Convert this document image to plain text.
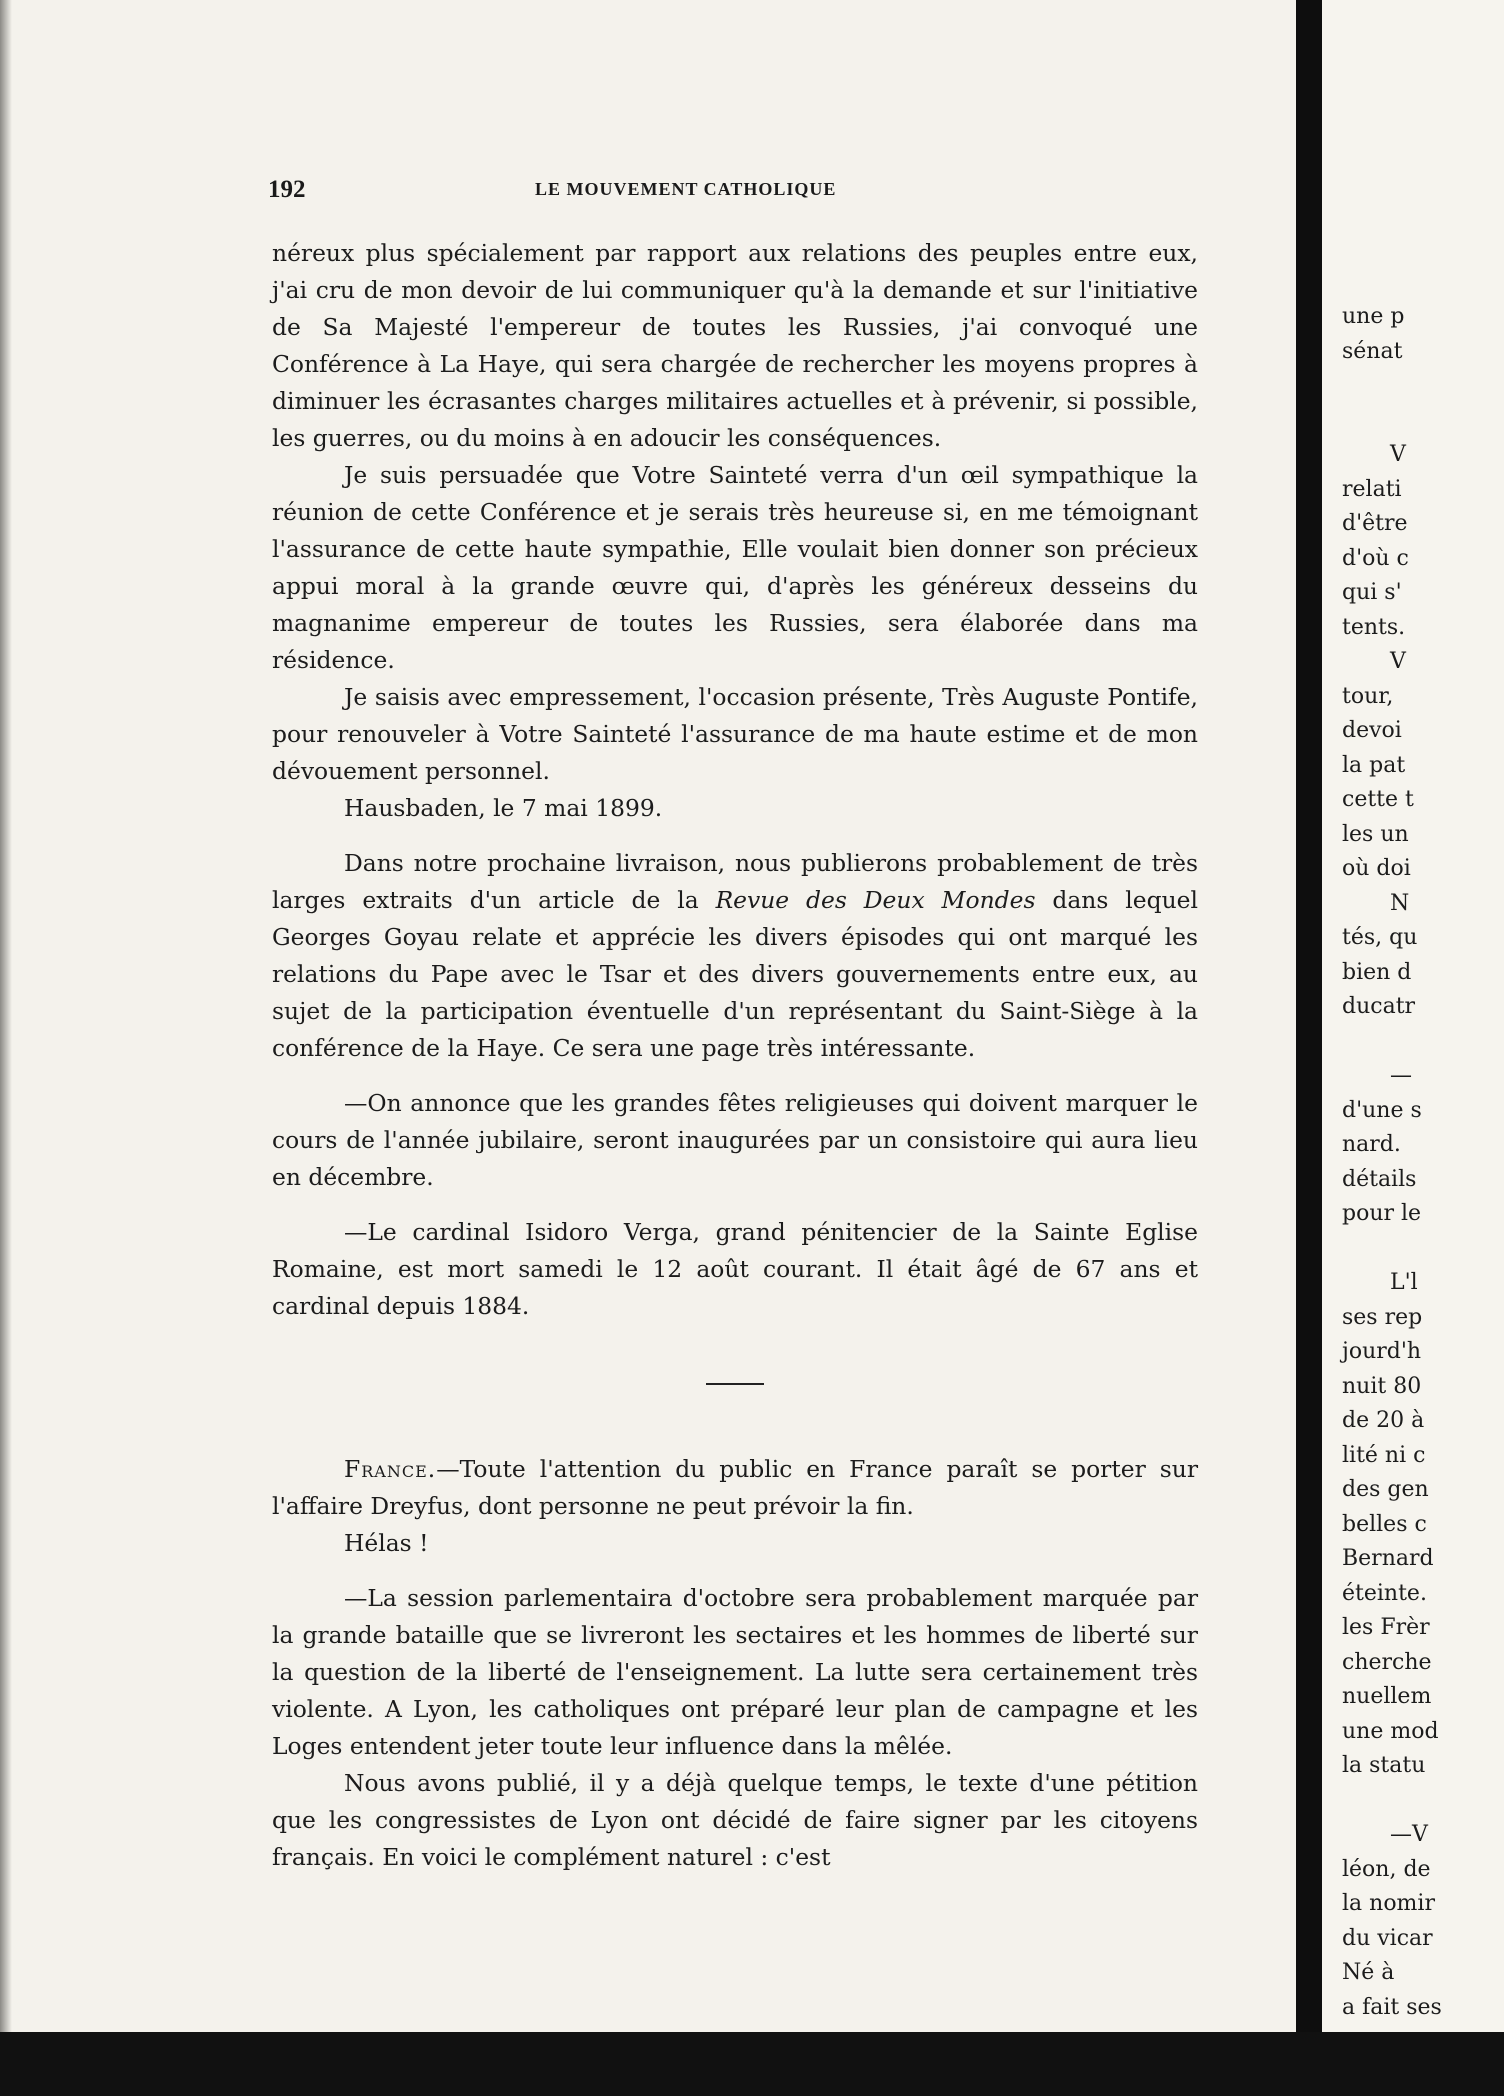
192	LE MOUVEMENT CATHOLIQUE

néreux plus spécialement par rapport aux relations des peuples entre eux, j'ai cru de mon devoir de lui communiquer qu'à la demande et sur l'initiative de Sa Majesté l'empereur de toutes les Russies, j'ai convoqué une Conférence à La Haye, qui sera chargée de rechercher les moyens propres à diminuer les écrasantes charges militaires actuelles et à prévenir, si possible, les guerres, ou du moins à en adoucir les conséquences.

Je suis persuadée que Votre Sainteté verra d'un œil sympathique la réunion de cette Conférence et je serais très heureuse si, en me témoignant l'assurance de cette haute sympathie, Elle voulait bien donner son précieux appui moral à la grande œuvre qui, d'après les généreux desseins du magnanime empereur de toutes les Russies, sera élaborée dans ma résidence.

Je saisis avec empressement, l'occasion présente, Très Auguste Pontife, pour renouveler à Votre Sainteté l'assurance de ma haute estime et de mon dévouement personnel.

Hausbaden, le 7 mai 1899.

Dans notre prochaine livraison, nous publierons probablement de très larges extraits d'un article de la Revue des Deux Mondes dans lequel Georges Goyau relate et apprécie les divers épisodes qui ont marqué les relations du Pape avec le Tsar et des divers gouvernements entre eux, au sujet de la participation éventuelle d'un représentant du Saint-Siège à la conférence de la Haye. Ce sera une page très intéressante.

—On annonce que les grandes fêtes religieuses qui doivent marquer le cours de l'année jubilaire, seront inaugurées par un consistoire qui aura lieu en décembre.

—Le cardinal Isidoro Verga, grand pénitencier de la Sainte Eglise Romaine, est mort samedi le 12 août courant. Il était âgé de 67 ans et cardinal depuis 1884.

France.—Toute l'attention du public en France paraît se porter sur l'affaire Dreyfus, dont personne ne peut prévoir la fin.

Hélas !

—La session parlementaira d'octobre sera probablement marquée par la grande bataille que se livreront les sectaires et les hommes de liberté sur la question de la liberté de l'enseignement. La lutte sera certainement très violente. A Lyon, les catholiques ont préparé leur plan de campagne et les Loges entendent jeter toute leur influence dans la mêlée.

Nous avons publié, il y a déjà quelque temps, le texte d'une pétition que les congressistes de Lyon ont décidé de faire signer par les citoyens français. En voici le complément naturel : c'est

une p
sénat
V
relati
d'être
d'où c
qui s'
tents.
V
tour,
devoi
la pat
cette t
les un
où doi
N
tés, qu
bien d
ducatr
—
d'une s
nard.
détails
pour le
L'l
ses rep
jourd'h
nuit 80
de 20 à
lité ni c
des gen
belles c
Bernard
éteinte.
les Frèr
cherche
nuellem
une mod
la statu
—V
léon, de
la nomir
du vicar
Né à
a fait ses
